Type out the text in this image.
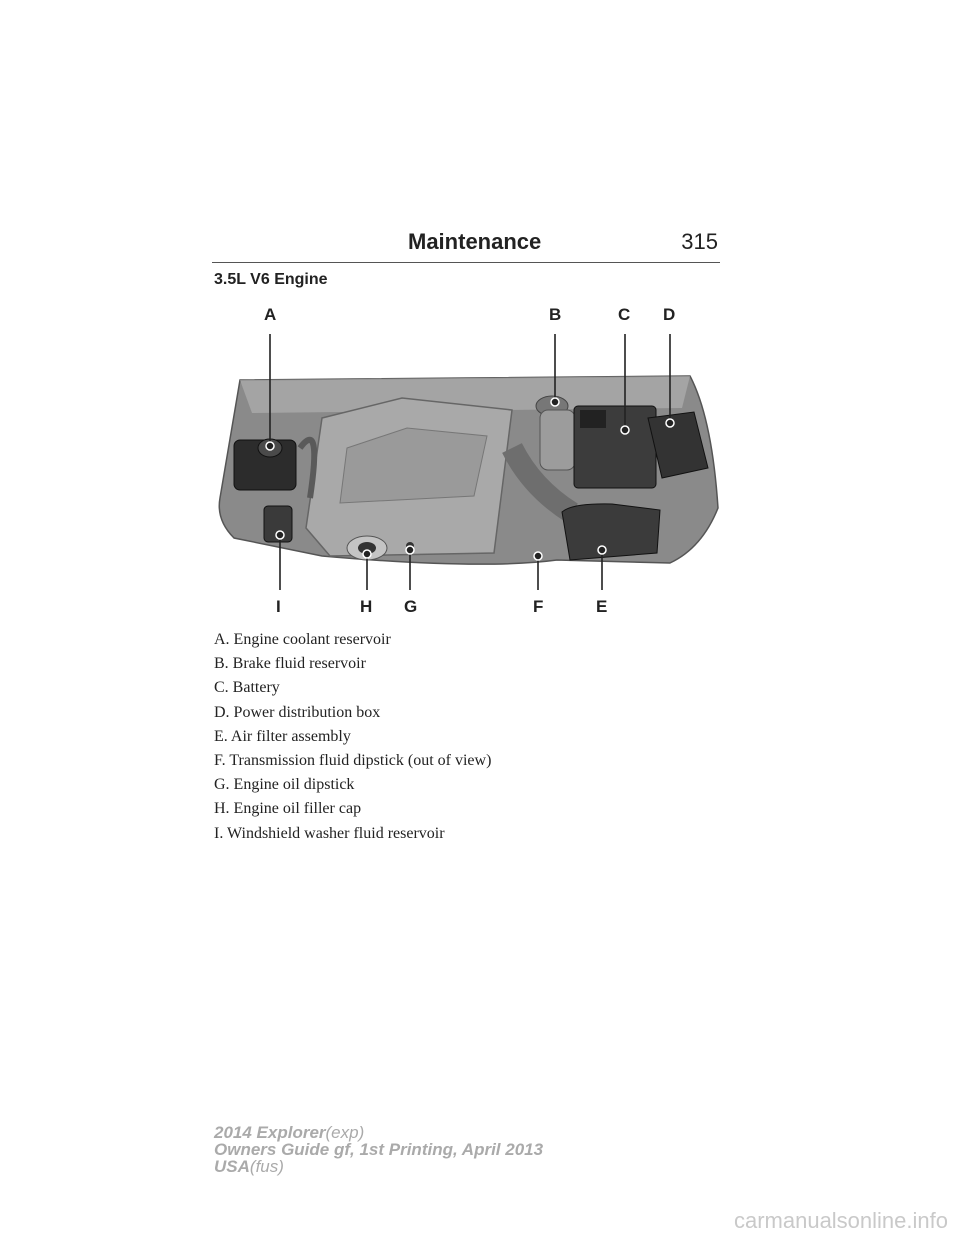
Maintenance	315
3.5L V6 Engine
A	B	C D
E
F
G
H
I
A. Engine coolant reservoir
B. Brake fluid reservoir
C. Battery
D. Power distribution box
E. Air filter assembly
F. Transmission fluid dipstick (out of view)
G. Engine oil dipstick
H. Engine oil filler cap
I. Windshield washer fluid reservoir
2014 Explorer(exp)
Owners Guide gf, 1st Printing, April 2013
USA(fus)
carmanualsonline.info
